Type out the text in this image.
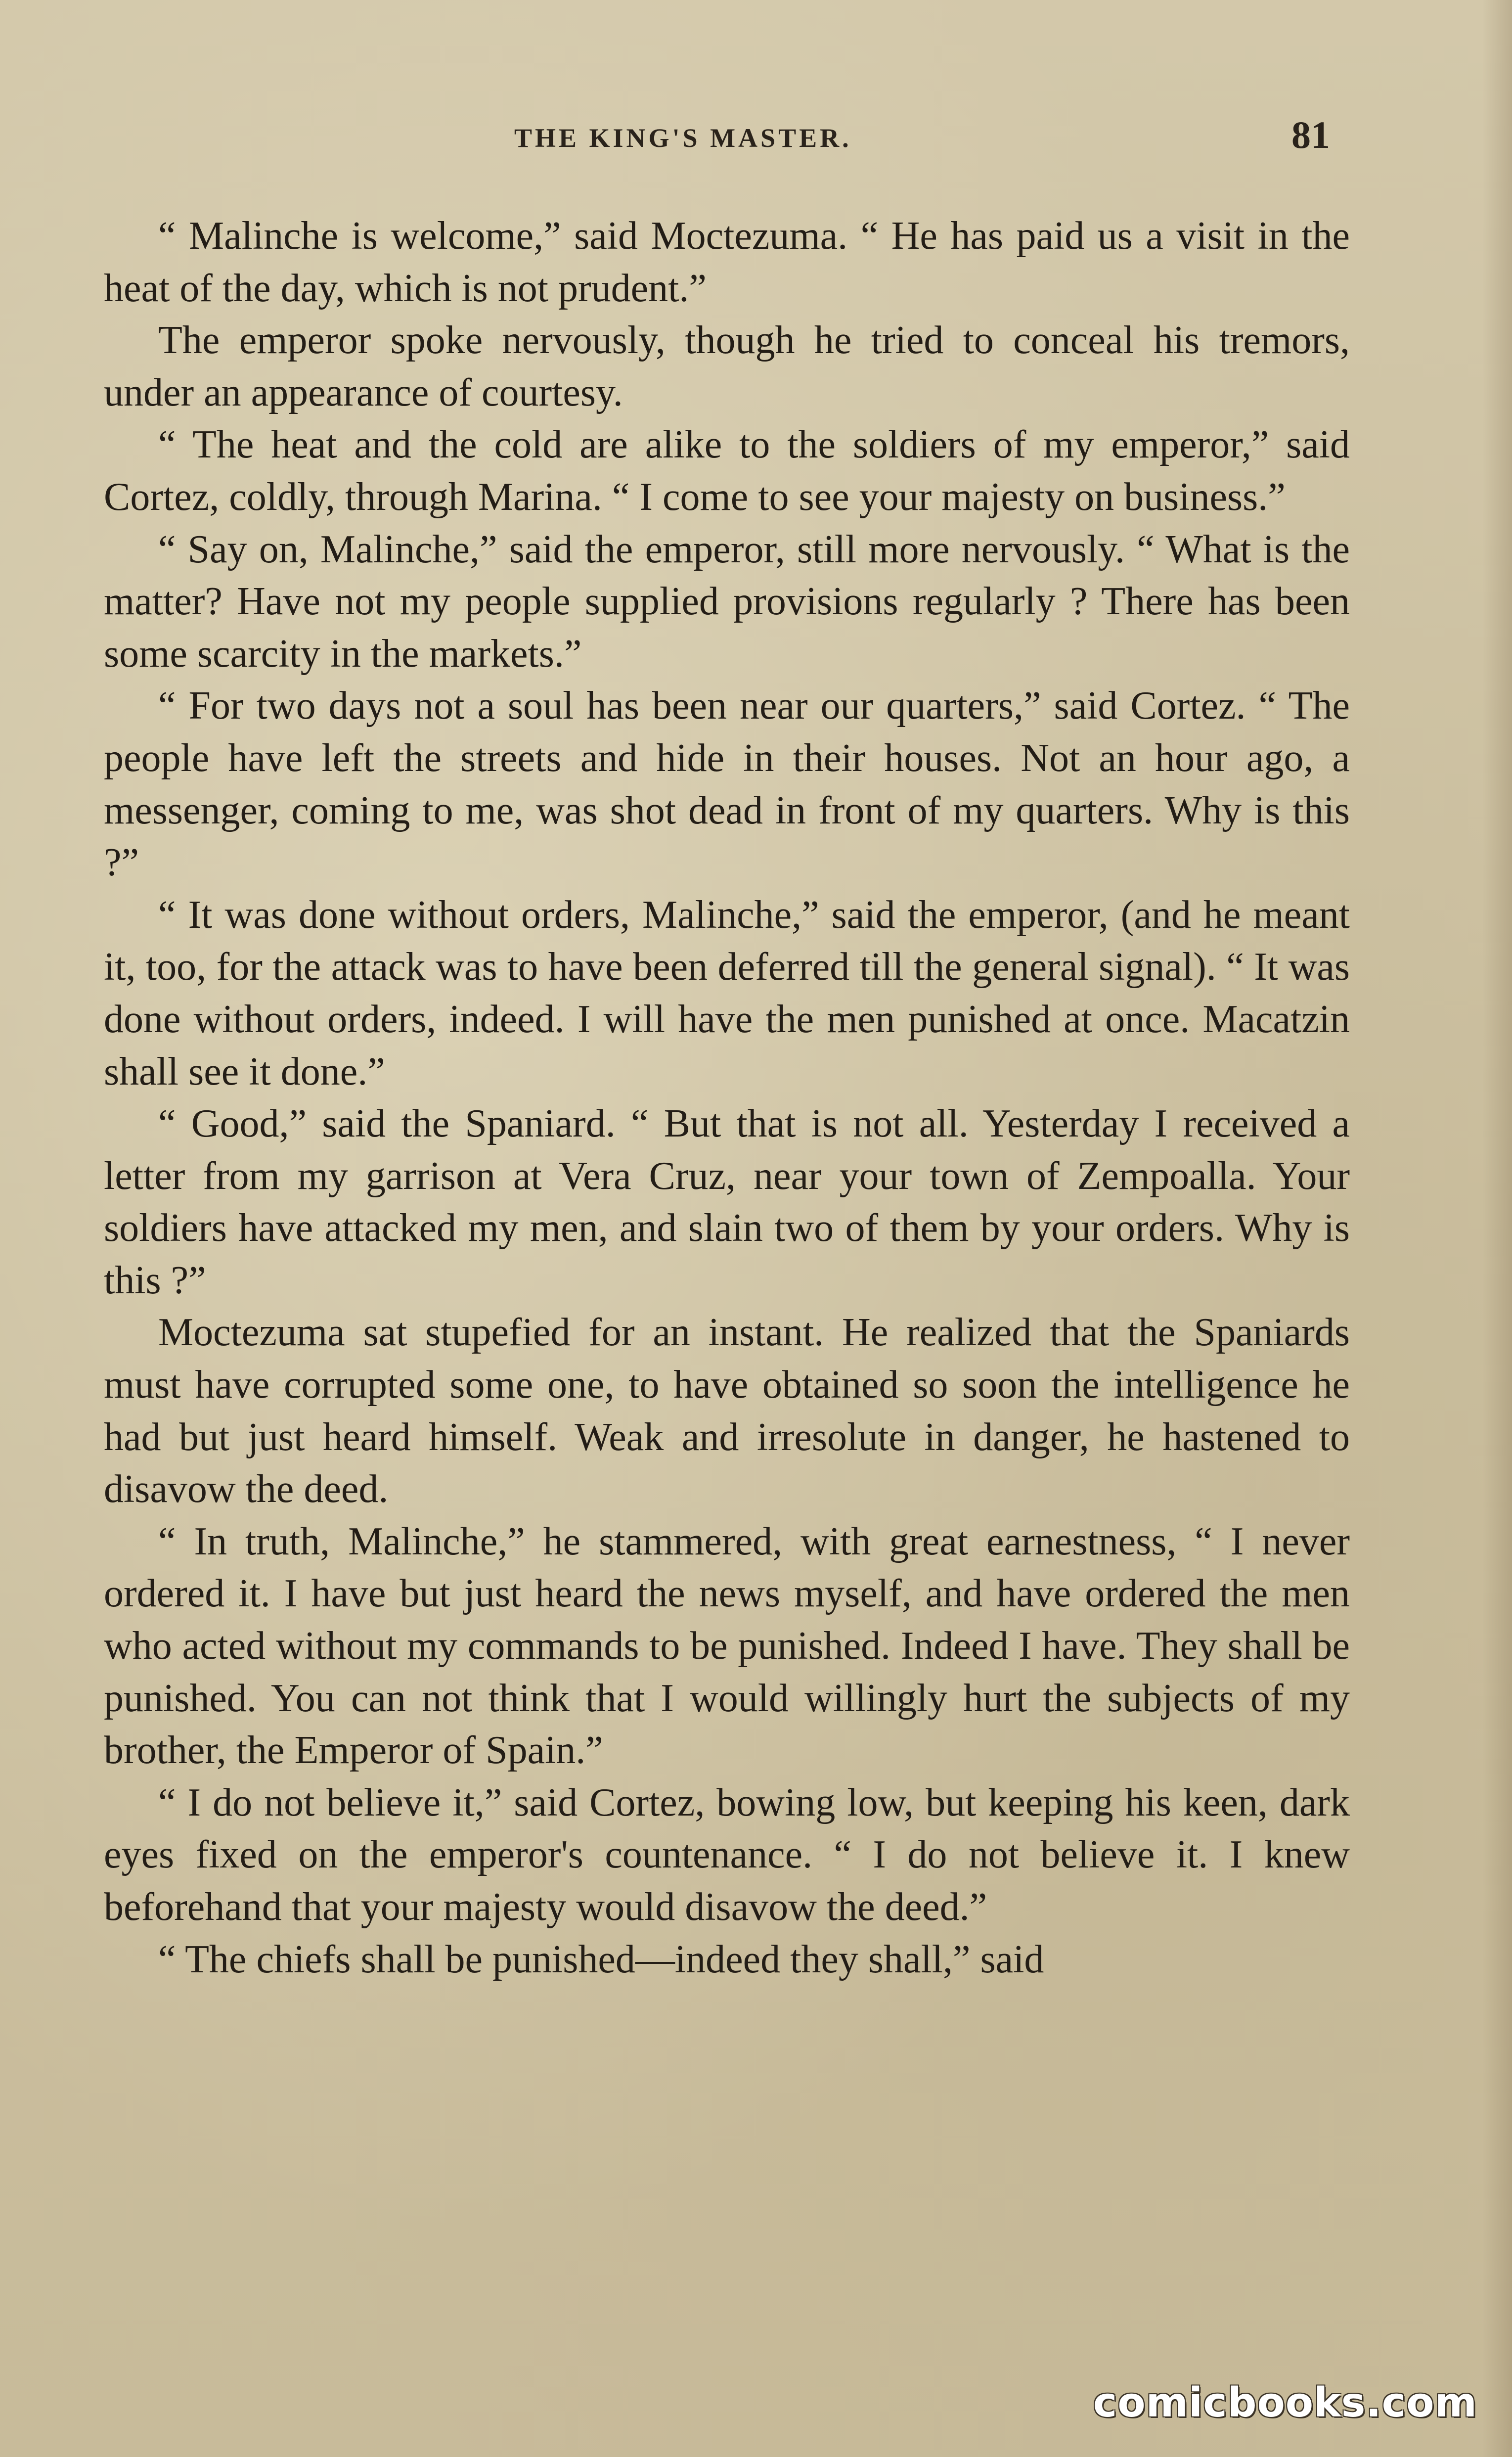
THE KING'S MASTER.	81

“ Malinche is welcome,” said Moctezuma. “ He has paid us a visit in the heat of the day, which is not prudent.”

The emperor spoke nervously, though he tried to conceal his tremors, under an appearance of courtesy.

“ The heat and the cold are alike to the soldiers of my emperor,” said Cortez, coldly, through Marina. “ I come to see your majesty on business.”

“ Say on, Malinche,” said the emperor, still more nervously. “ What is the matter? Have not my people supplied provisions regularly ? There has been some scarcity in the markets.”

“ For two days not a soul has been near our quarters,” said Cortez. “ The people have left the streets and hide in their houses. Not an hour ago, a messenger, coming to me, was shot dead in front of my quarters. Why is this ?”

“ It was done without orders, Malinche,” said the emperor, (and he meant it, too, for the attack was to have been deferred till the general signal). “ It was done without orders, indeed. I will have the men punished at once. Macatzin shall see it done.”

“ Good,” said the Spaniard. “ But that is not all. Yesterday I received a letter from my garrison at Vera Cruz, near your town of Zempoalla. Your soldiers have attacked my men, and slain two of them by your orders. Why is this ?”

Moctezuma sat stupefied for an instant. He realized that the Spaniards must have corrupted some one, to have obtained so soon the intelligence he had but just heard himself. Weak and irresolute in danger, he hastened to disavow the deed.

“ In truth, Malinche,” he stammered, with great earnestness, “ I never ordered it. I have but just heard the news myself, and have ordered the men who acted without my commands to be punished. Indeed I have. They shall be punished. You can not think that I would willingly hurt the subjects of my brother, the Emperor of Spain.”

“ I do not believe it,” said Cortez, bowing low, but keeping his keen, dark eyes fixed on the emperor's countenance. “ I do not believe it. I knew beforehand that your majesty would disavow the deed.”

“ The chiefs shall be punished—indeed they shall,” said

comicbooks.com
